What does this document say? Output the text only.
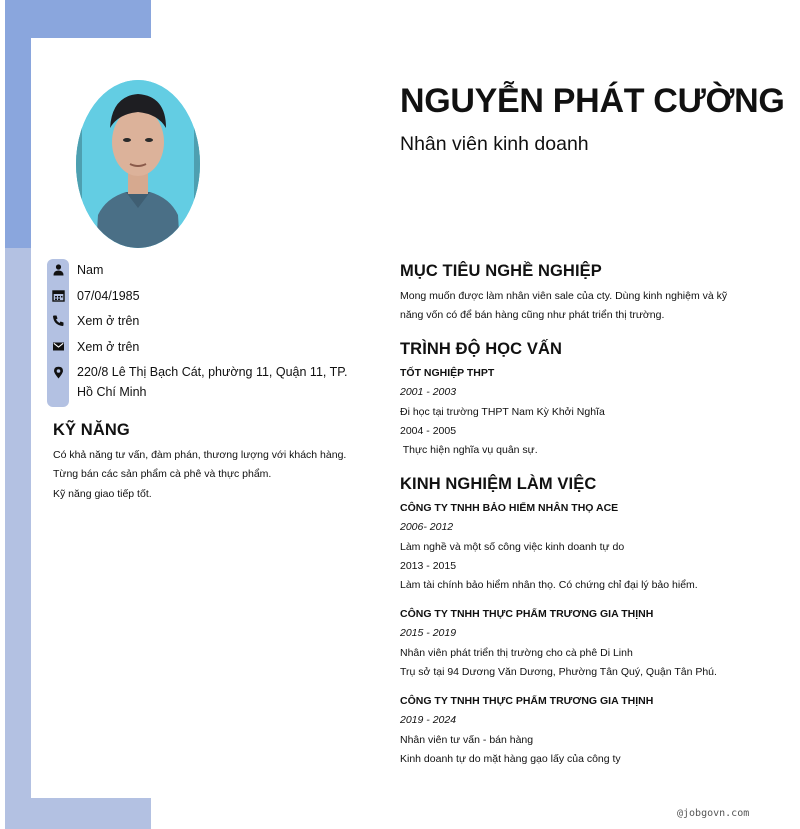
Nam
07/04/1985
Xem ở trên
Xem ở trên
220/8 Lê Thị Bạch Cát, phường 11, Quận 11, TP.
Hồ Chí Minh
KỸ NĂNG
Có khả năng tư vấn, đàm phán, thương lượng với khách hàng.
Từng bán các sản phẩm cà phê và thực phẩm.
Kỹ năng giao tiếp tốt.
NGUYỄN PHÁT CƯỜNG
Nhân viên kinh doanh
MỤC TIÊU NGHỀ NGHIỆP
Mong muốn được làm nhân viên sale của cty. Dùng kinh nghiệm và kỹ
năng vốn có để bán hàng cũng như phát triển thị trường.
TRÌNH ĐỘ HỌC VẤN
TỐT NGHIỆP THPT
2001 - 2003
Đi học tại trường THPT Nam Kỳ Khởi Nghĩa
2004 - 2005
Thực hiện nghĩa vụ quân sự.
KINH NGHIỆM LÀM VIỆC
CÔNG TY TNHH BẢO HIỂM NHÂN THỌ ACE
2006- 2012
Làm nghề và một số công việc kinh doanh tự do
2013 - 2015
Làm tài chính bảo hiểm nhân thọ. Có chứng chỉ đại lý bảo hiểm.
CÔNG TY TNHH THỰC PHẨM TRƯƠNG GIA THỊNH
2015 - 2019
Nhân viên phát triển thị trường cho cà phê Di Linh
Trụ sở tại 94 Dương Văn Dương, Phường Tân Quý, Quận Tân Phú.
CÔNG TY TNHH THỰC PHẨM TRƯƠNG GIA THỊNH
2019 - 2024
Nhân viên tư vấn - bán hàng
Kinh doanh tự do mặt hàng gạo lấy của công ty
@jobgovn.com
